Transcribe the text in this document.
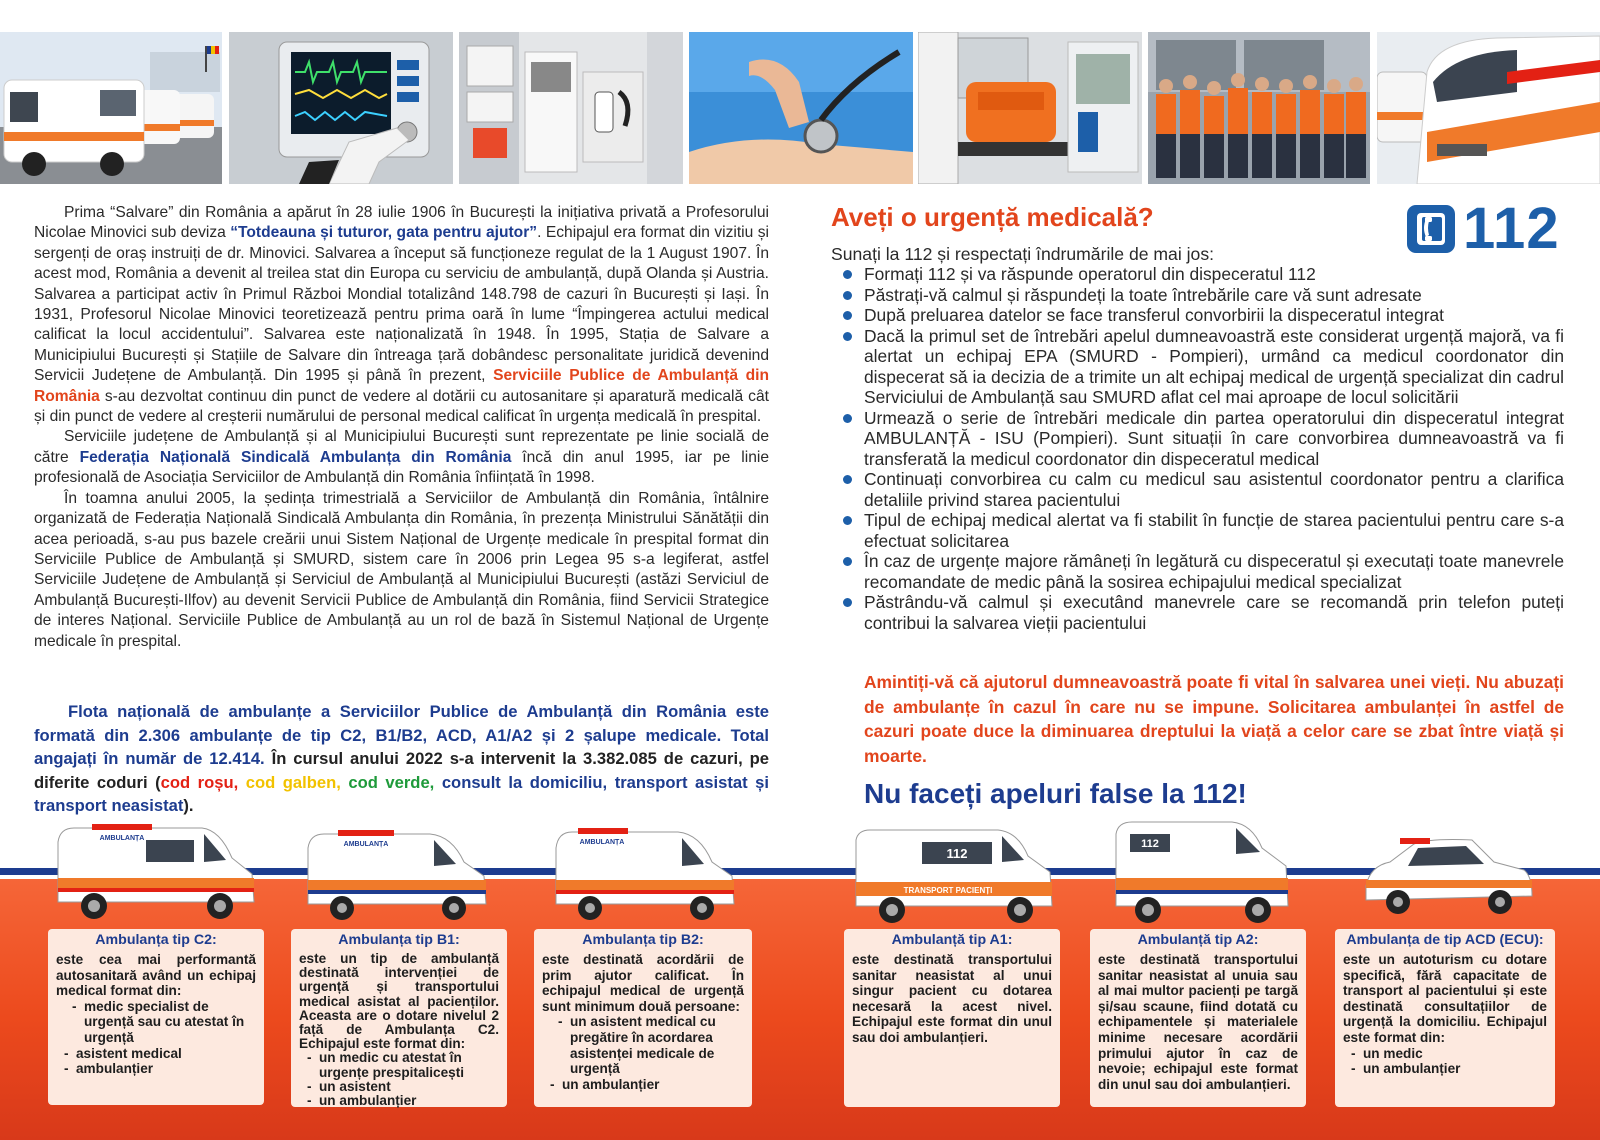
Prima “Salvare” din România a apărut în 28 iulie 1906 în București la inițiativa privată a Profesorului Nicolae Minovici sub deviza “Totdeauna și tuturor, gata pentru ajutor”. Echipajul era format din vizitiu și sergenți de oraș instruiți de dr. Minovici. Salvarea a început să funcționeze regulat de la 1 August 1907. În acest mod, România a devenit al treilea stat din Europa cu serviciu de ambulanță, după Olanda și Austria. Salvarea a participat activ în Primul Război Mondial totalizând 148.798 de cazuri în București și Iași. În 1931, Profesorul Nicolae Minovici teoretizează pentru prima oară în lume “Împingerea actului medical calificat la locul accidentului”. Salvarea este naționalizată în 1948. În 1995, Stația de Salvare a Municipiului București și Stațiile de Salvare din întreaga țară dobândesc personalitate juridică devenind Servicii Județene de Ambulanță. Din 1995 și până în prezent, Serviciile Publice de Ambulanță din România s-au dezvoltat continuu din punct de vedere al dotării cu autosanitare și aparatură medicală cât și din punct de vedere al creșterii numărului de personal medical calificat în urgența medicală în prespital.

Serviciile județene de Ambulanță și al Municipiului București sunt reprezentate pe linie socială de către Federația Națională Sindicală Ambulanța din România încă din anul 1995, iar pe linie profesională de Asociația Serviciilor de Ambulanță din România înființată în 1998.

În toamna anului 2005, la ședința trimestrială a Serviciilor de Ambulanță din România, întâlnire organizată de Federația Națională Sindicală Ambulanța din România, în prezența Ministrului Sănătății din acea perioadă, s-au pus bazele creării unui Sistem Național de Urgențe medicale în prespital format din Serviciile Publice de Ambulanță și SMURD, sistem care în 2006 prin Legea 95 s-a legiferat, astfel Serviciile Județene de Ambulanță și Serviciul de Ambulanță al Municipiului București (astăzi Serviciul de Ambulanță București-Ilfov) au devenit Servicii Publice de Ambulanță din România, fiind Servicii Strategice de interes Național. Serviciile Publice de Ambulanță au un rol de bază în Sistemul Național de Urgențe medicale în prespital.

Flota națională de ambulanțe a Serviciilor Publice de Ambulanță din România este formată din 2.306 ambulanțe de tip C2, B1/B2, ACD, A1/A2 și 2 șalupe medicale. Total angajați în număr de 12.414. În cursul anului 2022 s-a intervenit la 3.382.085 de cazuri, pe diferite coduri (cod roșu, cod galben, cod verde, consult la domiciliu, transport asistat și transport neasistat).
Aveți o urgență medicală?	112
Sunați la 112 și respectați îndrumările de mai jos:
Formați 112 și va răspunde operatorul din dispeceratul 112
Păstrați-vă calmul și răspundeți la toate întrebările care vă sunt adresate
După preluarea datelor se face transferul convorbirii la dispeceratul integrat
Dacă la primul set de întrebări apelul dumneavoastră este considerat urgență majoră, va fi alertat un echipaj EPA (SMURD - Pompieri), urmând ca medicul coordonator din dispecerat să ia decizia de a trimite un alt echipaj medical de urgență specializat din cadrul Serviciului de Ambulanță sau SMURD aflat cel mai aproape de locul solicitării
Urmează o serie de întrebări medicale din partea operatorului din dispeceratul integrat AMBULANȚĂ - ISU (Pompieri). Sunt situații în care convorbirea dumneavoastră va fi transferată la medicul coordonator din dispeceratul medical
Continuați convorbirea cu calm cu medicul sau asistentul coordonator pentru a clarifica detaliile privind starea pacientului
Tipul de echipaj medical alertat va fi stabilit în funcție de starea pacientului pentru care s-a efectuat solicitarea
În caz de urgențe majore rămâneți în legătură cu dispeceratul și executați toate manevrele recomandate de medic până la sosirea echipajului medical specializat
Păstrându-vă calmul și executând manevrele care se recomandă prin telefon puteți contribui la salvarea vieții pacientului
Amintiți-vă că ajutorul dumneavoastră poate fi vital în salvarea unei vieți. Nu abuzați de ambulanțe în cazul în care nu se impune. Solicitarea ambulanței în astfel de cazuri poate duce la diminuarea dreptului la viață a celor care se zbat între viață și moarte.
Nu faceți apeluri false la 112!
AMBULANȚA
AMBULANȚA	AMBULANȚA
112
TRANSPORT PACIENȚI
112
Ambulanța tip C2:
este cea mai performantă autosanitară având un echipaj medical format din:
- medic specialist de urgență sau cu atestat în urgență
- asistent medical
- ambulanțier
Ambulanța tip B1:
este un tip de ambulanță destinată intervenției de urgență și transportului medical asistat al pacienților. Aceasta are o dotare nivelul 2 față de Ambulanța C2. Echipajul este format din:
- un medic cu atestat în urgențe prespitalicești
- un asistent
- un ambulanțier
Ambulanța tip B2:
este destinată acordării de prim ajutor calificat. În echipajul medical de urgență sunt minimum două persoane:
- un asistent medical cu pregătire în acordarea asistenței medicale de urgență
- un ambulanțier
Ambulanță tip A1:
este destinată transportului sanitar neasistat al unui singur pacient cu dotarea necesară la acest nivel. Echipajul este format din unul sau doi ambulanțieri.
Ambulanță tip A2:
este destinată transportului sanitar neasistat al unuia sau al mai multor pacienți pe targă și/sau scaune, fiind dotată cu echipamentele și materialele minime necesare acordării primului ajutor în caz de nevoie; echipajul este format din unul sau doi ambulanțieri.
Ambulanța de tip ACD (ECU):
este un autoturism cu dotare specifică, fără capacitate de transport al pacientului și este destinată consultațiilor de urgență la domiciliu. Echipajul este format din:
- un medic
- un ambulanțier
